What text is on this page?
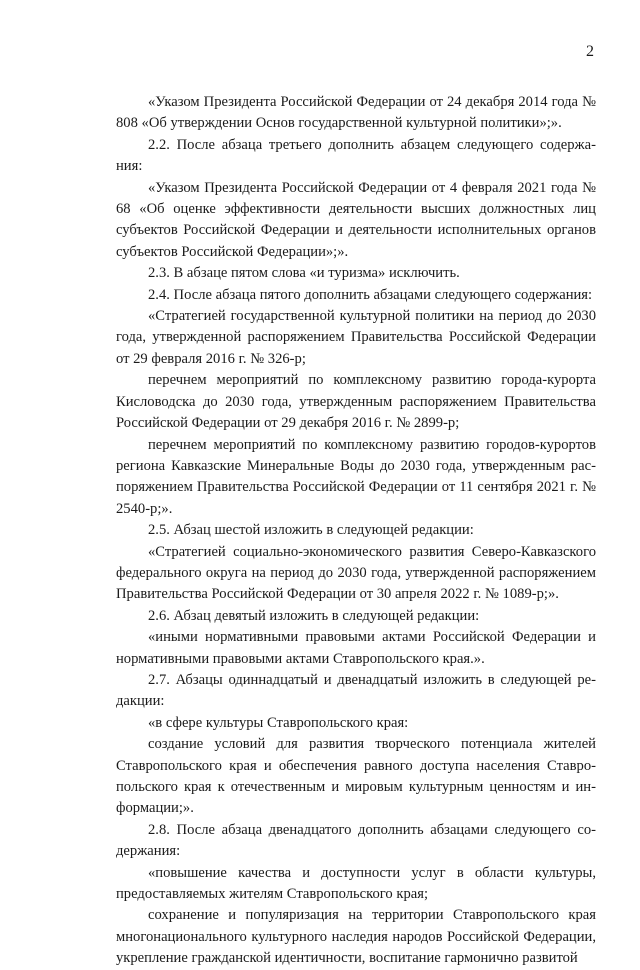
2

«Указом Президента Российской Федерации от 24 декабря 2014 года № 808 «Об утверждении Основ государственной культурной политики»;».

2.2. После абзаца третьего дополнить абзацем следующего содержания:

«Указом Президента Российской Федерации от 4 февраля 2021 года № 68 «Об оценке эффективности деятельности высших должностных лиц субъектов Российской Федерации и деятельности исполнительных органов субъектов Российской Федерации»;».

2.3. В абзаце пятом слова «и туризма» исключить.

2.4. После абзаца пятого дополнить абзацами следующего содержания:

«Стратегией государственной культурной политики на период до 2030 года, утвержденной распоряжением Правительства Российской Федерации от 29 февраля 2016 г. № 326-р;

перечнем мероприятий по комплексному развитию города-курорта Кисловодска до 2030 года, утвержденным распоряжением Правительства Российской Федерации от 29 декабря 2016 г. № 2899-р;

перечнем мероприятий по комплексному развитию городов-курортов региона Кавказские Минеральные Воды до 2030 года, утвержденным распоряжением Правительства Российской Федерации от 11 сентября 2021 г. № 2540-р;».

2.5. Абзац шестой изложить в следующей редакции:

«Стратегией социально-экономического развития Северо-Кавказского федерального округа на период до 2030 года, утвержденной распоряжением Правительства Российской Федерации от 30 апреля 2022 г. № 1089-р;».

2.6. Абзац девятый изложить в следующей редакции:

«иными нормативными правовыми актами Российской Федерации и нормативными правовыми актами Ставропольского края.».

2.7. Абзацы одиннадцатый и двенадцатый изложить в следующей редакции:

«в сфере культуры Ставропольского края:

создание условий для развития творческого потенциала жителей Ставропольского края и обеспечения равного доступа населения Ставропольского края к отечественным и мировым культурным ценностям и информации;».

2.8. После абзаца двенадцатого дополнить абзацами следующего содержания:

«повышение качества и доступности услуг в области культуры, предоставляемых жителям Ставропольского края;

сохранение и популяризация на территории Ставропольского края многонационального культурного наследия народов Российской Федерации, укрепление гражданской идентичности, воспитание гармонично развитой
